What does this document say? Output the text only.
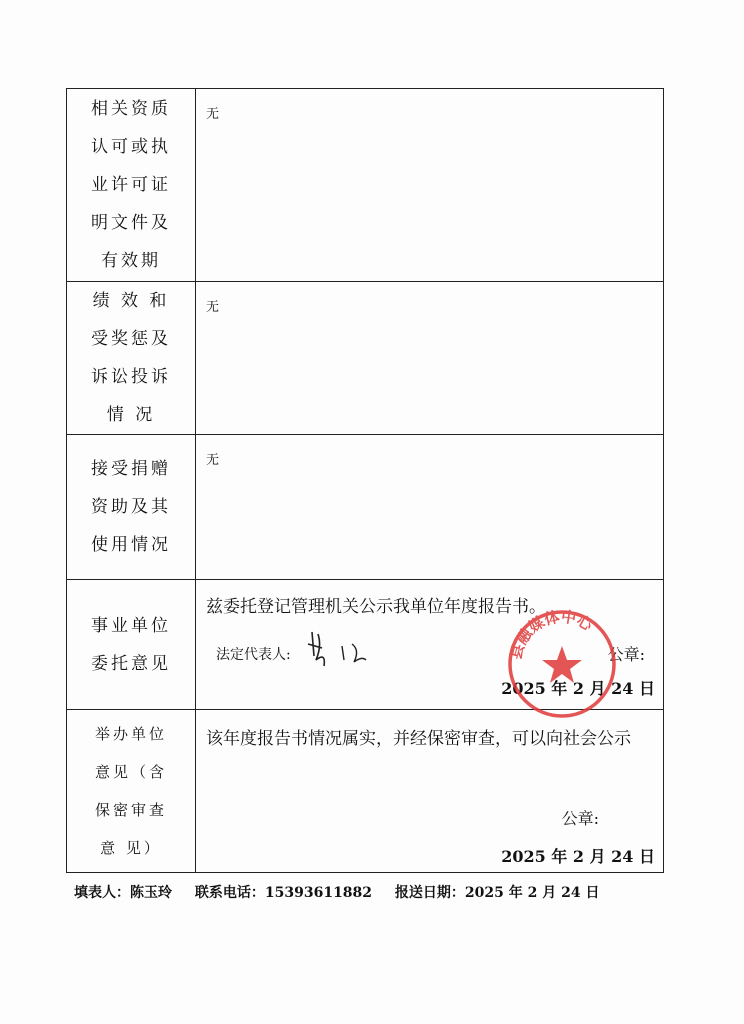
相关资质
认可或执
业许可证
明文件及
有效期	无

绩 效 和
受奖惩及
诉讼投诉
情 况	无

接受捐赠
资助及其
使用情况	无

事业单位
委托意见	兹委托登记管理机关公示我单位年度报告书。
法定代表人: 公章:
2025 年 2 月 24 日

举办单位
意见（含
保密审查
意 见）	该年度报告书情况属实，并经保密审查，可以向社会公示
公章:
2025 年 2 月 24 日
县融媒体中心
填表人：陈玉玲 联系电话：15393611882 报送日期：2025 年 2 月 24 日
